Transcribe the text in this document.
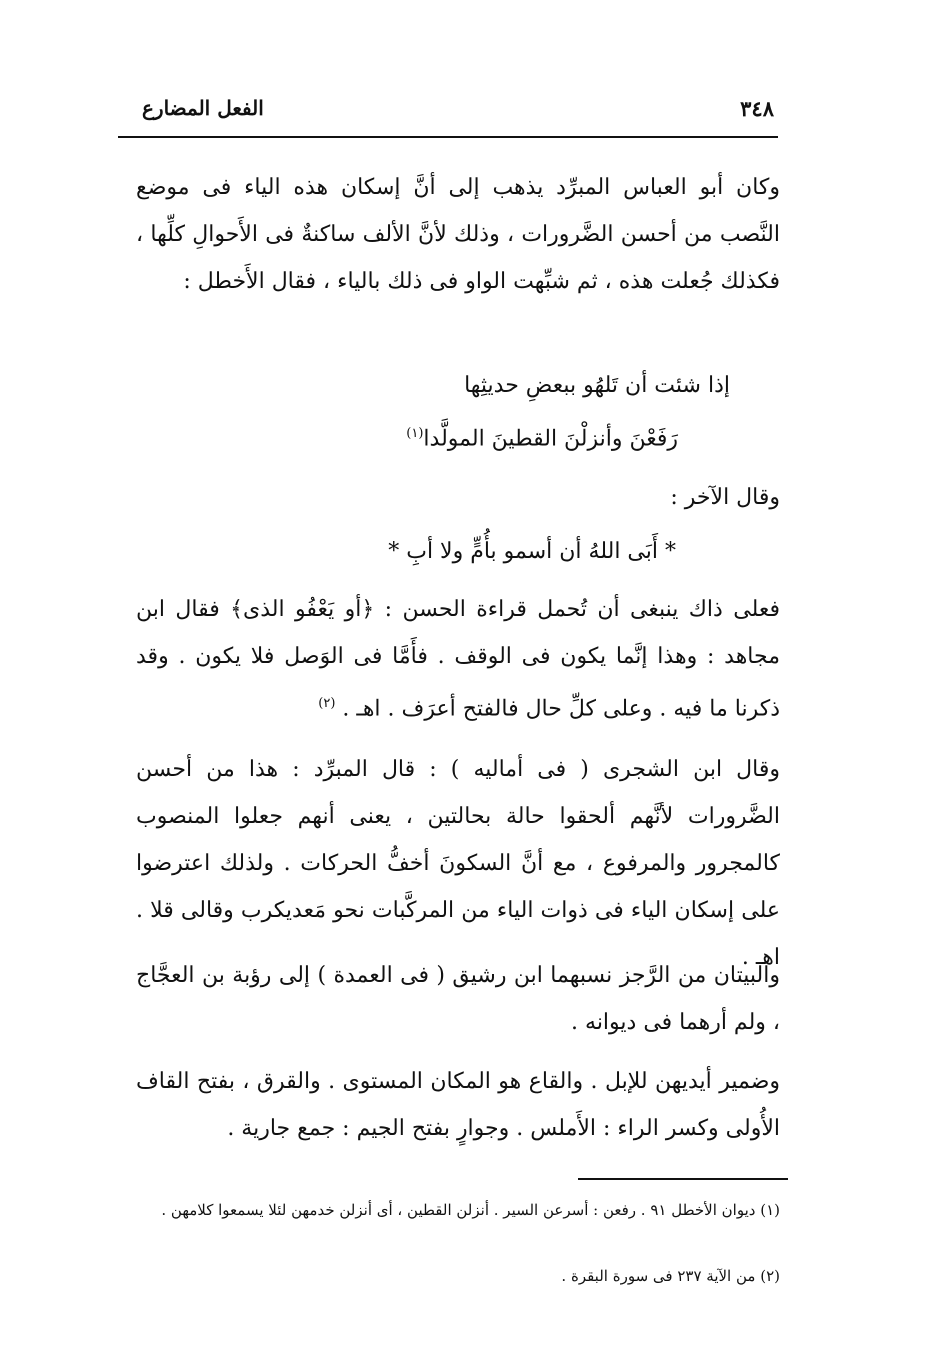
٣٤٨
الفعل المضارع

وكان أبو العباس المبرِّد يذهب إلى أنَّ إسكان هذه الياء فى موضع النَّصب من أحسن الضَّرورات ، وذلك لأنَّ الألف ساكنةٌ فى الأَحوالِ كلِّها ، فكذلك جُعلت هذه ، ثم شبِّهت الواو فى ذلك بالياء ، فقال الأَخطل :

إذا شئت أن تَلهُو ببعضِ حديثِها
رَفَعْنَ وأنزلْنَ القطينَ المولَّدا$^{(١)}$

وقال الآخر :

* أَبَى اللهُ أن أسمو بأُمٍّ ولا أبِ *

فعلى ذاك ينبغى أن تُحمل قراءة الحسن : ﴿أو يَعْفُو الذى﴾ فقال ابن مجاهد : وهذا إنَّما يكون فى الوقف . فأَمَّا فى الوَصل فلا يكون . وقد ذكرنا ما فيه . وعلى كلِّ حال فالفتح أعرَف . اهـ . $^{(٢)}$

وقال ابن الشجرى ( فى أماليه ) : قال المبرِّد : هذا من أحسن الضَّرورات لأنَّهم ألحقوا حالة بحالتين ، يعنى أنهم جعلوا المنصوب كالمجرور والمرفوع ، مع أنَّ السكونَ أخفُّ الحركات . ولذلك اعترضوا على إسكان الياء فى ذوات الياء من المركَّبات نحو مَعديكرب وقالى قلا . اهـ .

والبيتان من الرَّجز نسبهما ابن رشيق ( فى العمدة ) إلى رؤبة بن العجَّاج ، ولم أرهما فى ديوانه .

وضمير أيديهن للإبل . والقاع هو المكان المستوى . والقرق ، بفتح القاف الأُولى وكسر الراء : الأَملس . وجوارٍ بفتح الجيم : جمع جارية .

(١) ديوان الأخطل ٩١ . رفعن : أسرعن السير . أنزلن القطين ، أى أنزلن خدمهن لئلا يسمعوا كلامهن .

(٢) من الآية ٢٣٧ فى سورة البقرة .
